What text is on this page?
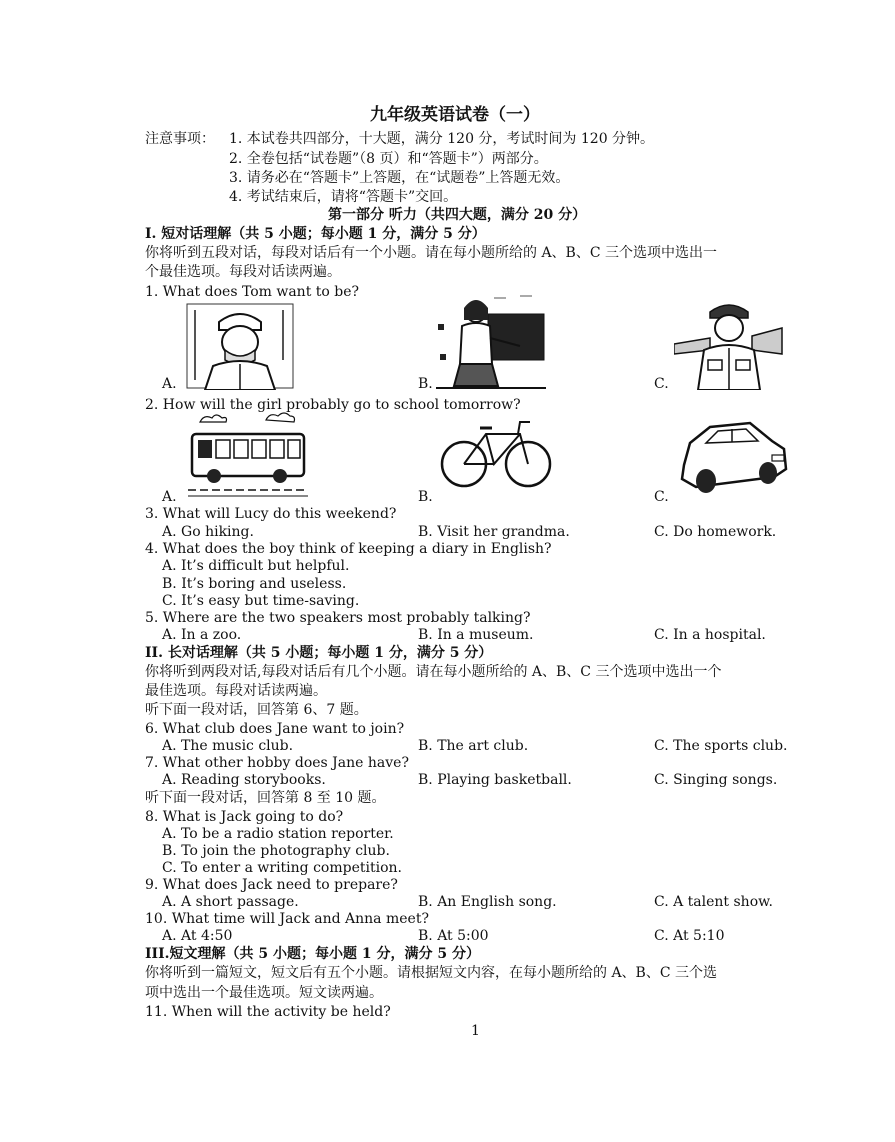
九年级英语试卷（一）
注意事项： 1. 本试卷共四部分，十大题，满分 120 分，考试时间为 120 分钟。
2. 全卷包括“试卷题”（8 页）和“答题卡”）两部分。
3. 请务必在“答题卡”上答题，在“试题卷”上答题无效。
4. 考试结束后，请将“答题卡”交回。
第一部分 听力（共四大题，满分 20 分）
I. 短对话理解（共 5 小题；每小题 1 分，满分 5 分）
你将听到五段对话，每段对话后有一个小题。请在每小题所给的 A、B、C 三个选项中选出一
个最佳选项。每段对话读两遍。
1. What does Tom want to be?
A.	B.	C.
2. How will the girl probably go to school tomorrow?
A.	B.	C.
3. What will Lucy do this weekend?
A. Go hiking.	B. Visit her grandma.	C. Do homework.
4. What does the boy think of keeping a diary in English?
A. It’s difficult but helpful.
B. It’s boring and useless.
C. It’s easy but time-saving.
5. Where are the two speakers most probably talking?
A. In a zoo.	B. In a museum.	C. In a hospital.
II. 长对话理解（共 5 小题；每小题 1 分，满分 5 分）
你将听到两段对话,每段对话后有几个小题。请在每小题所给的 A、B、C 三个选项中选出一个
最佳选项。每段对话读两遍。
听下面一段对话，回答第 6、7 题。
6. What club does Jane want to join?
A. The music club.	B. The art club.	C. The sports club.
7. What other hobby does Jane have?
A. Reading storybooks.	B. Playing basketball.	C. Singing songs.
听下面一段对话，回答第 8 至 10 题。
8. What is Jack going to do?
A. To be a radio station reporter.
B. To join the photography club.
C. To enter a writing competition.
9. What does Jack need to prepare?
A. A short passage.	B. An English song.	C. A talent show.
10. What time will Jack and Anna meet?
A. At 4:50	B. At 5:00	C. At 5:10
III.短文理解（共 5 小题；每小题 1 分，满分 5 分）
你将听到一篇短文，短文后有五个小题。请根据短文内容，在每小题所给的 A、B、C 三个选
项中选出一个最佳选项。短文读两遍。
11. When will the activity be held?
1
